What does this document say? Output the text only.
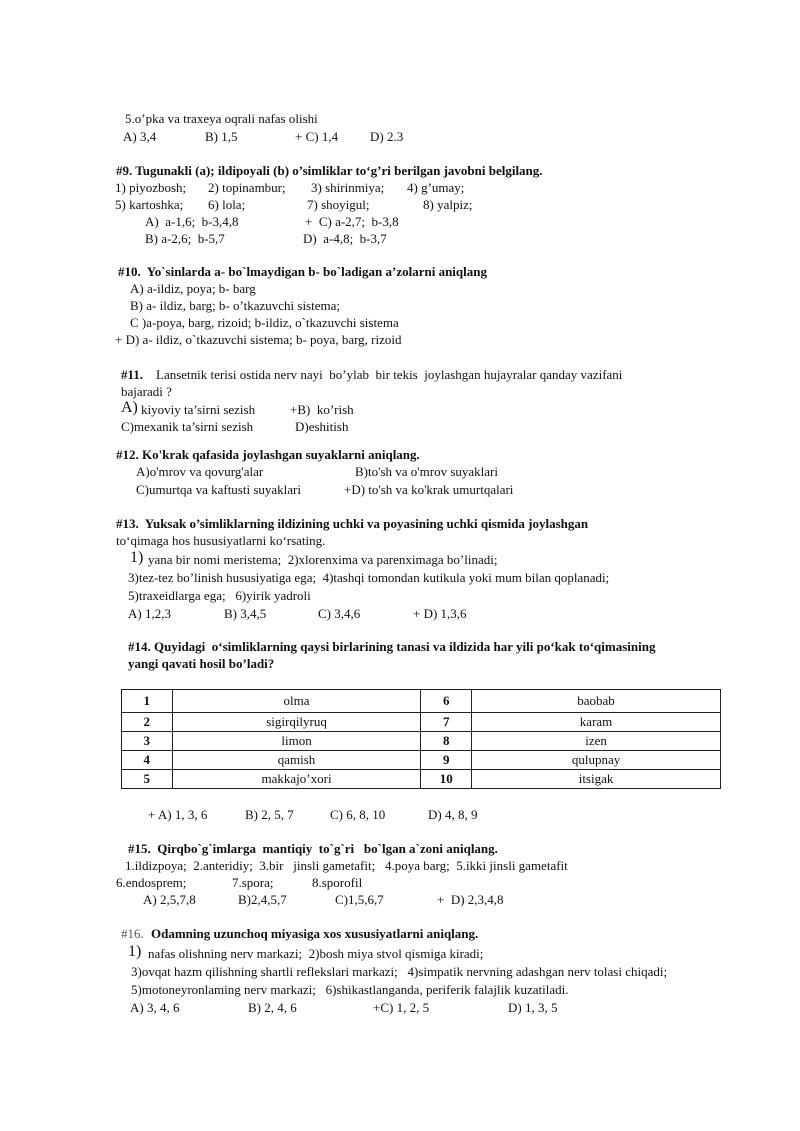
5.o’pka va traxeya oqrali nafas olishi
A) 3,4	B) 1,5	+ C) 1,4 D) 2.3
#9. Tugunakli (a); ildipoyali (b) o’simliklar to‘g’ri berilgan javobni belgilang.
1) piyozbosh; 2) topinambur; 3) shirinmiya; 4) g’umay;
5) kartoshka; 6) lola;	7) shoyigul;	8) yalpiz;
A)  a-1,6;  b-3,4,8	+  C) a-2,7;  b-3,8
B) a-2,6;  b-5,7	D)  a-4,8;  b-3,7
#10.  Yo`sinlarda a- bo`lmaydigan b- bo`ladigan a’zolarni aniqlang
A) a-ildiz, poya; b- barg
B) a- ildiz, barg; b- o’tkazuvchi sistema;
C )a-poya, barg, rizoid; b-ildiz, o`tkazuvchi sistema
+ D) a- ildiz, o`tkazuvchi sistema; b- poya, barg, rizoid
#11. Lansetnik terisi ostida nerv nayi  bo’ylab  bir tekis  joylashgan hujayralar qanday vazifani
bajaradi ?
A) kiyoviy ta’sirni sezish	+B)  ko’rish
C)mexanik ta’sirni sezish	D)eshitish
#12. Ko'krak qafasida joylashgan suyaklarni aniqlang.
A)o'mrov va qovurg'alar	B)to'sh va o'mrov suyaklari
C)umurtqa va kaftusti suyaklari	+D) to'sh va ko'krak umurtqalari
#13.  Yuksak o’simliklarning ildizining uchki va poyasining uchki qismida joylashgan
to‘qimaga hos hususiyatlarni ko‘rsating.
1) yana bir nomi meristema;  2)xlorenxima va parenximaga bo’linadi;
3)tez-tez bo’linish hususiyatiga ega;  4)tashqi tomondan kutikula yoki mum bilan qoplanadi;
5)traxeidlarga ega;   6)yirik yadroli
A) 1,2,3	B) 3,4,5	C) 3,4,6	+ D) 1,3,6
#14. Quyidagi  o‘simliklarning qaysi birlarining tanasi va ildizida har yili po‘kak to‘qimasining
yangi qavati hosil bo’ladi?
1	olma	6	baobab
2	sigirqilyruq	7	karam
3	limon	8	izen
4	qamish	9	qulupnay
5	makkajo’xori	10	itsigak
+ A) 1, 3, 6	B) 2, 5, 7	C) 6, 8, 10	D) 4, 8, 9
#15.  Qirqbo`g`imlarga  mantiqiy  to`g`ri   bo`lgan a`zoni aniqlang.
1.ildizpoya;  2.anteridiy;  3.bir   jinsli gametafit;   4.poya barg;  5.ikki jinsli gametafit
6.endosprem;	7.spora;	8.sporofil
A) 2,5,7,8	B)2,4,5,7	C)1,5,6,7	+  D) 2,3,4,8
#16. Odamning uzunchoq miyasiga xos xususiyatlarni aniqlang.
1) nafas olishning nerv markazi;  2)bosh miya stvol qismiga kiradi;
3)ovqat hazm qilishning shartli reflekslari markazi;   4)simpatik nervning adashgan nerv tolasi chiqadi;
5)motoneyronlaming nerv markazi;   6)shikastlanganda, periferik falajlik kuzatiladi.
A) 3, 4, 6	B) 2, 4, 6	+C) 1, 2, 5	D) 1, 3, 5
